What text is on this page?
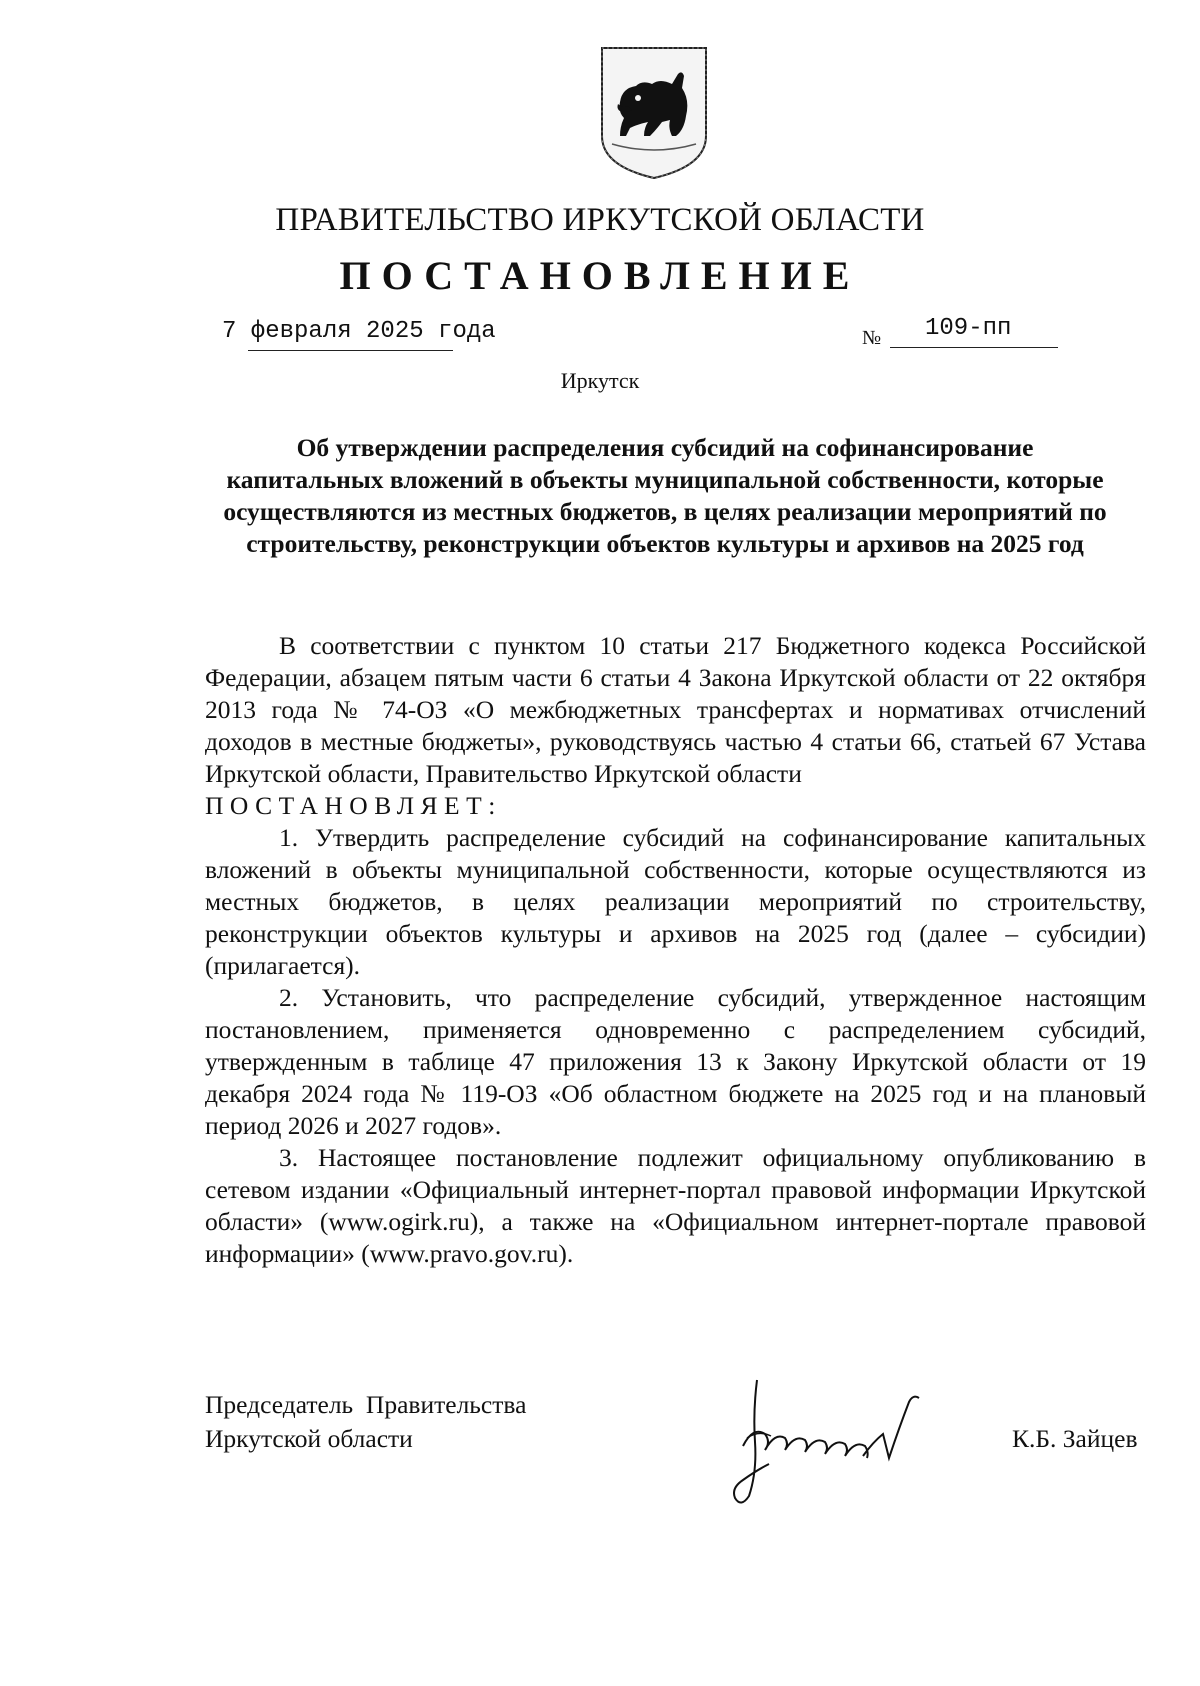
ПРАВИТЕЛЬСТВО ИРКУТСКОЙ ОБЛАСТИ
ПОСТАНОВЛЕНИЕ
7 февраля 2025 года	№ 109-пп
Иркутск
Об утверждении распределения субсидий на софинансирование капитальных вложений в объекты муниципальной собственности, которые осуществляются из местных бюджетов, в целях реализации мероприятий по строительству, реконструкции объектов культуры и архивов на 2025 год

В соответствии с пунктом 10 статьи 217 Бюджетного кодекса Российской Федерации, абзацем пятым части 6 статьи 4 Закона Иркутской области от 22 октября 2013 года № 74-ОЗ «О межбюджетных трансфертах и нормативах отчислений доходов в местные бюджеты», руководствуясь частью 4 статьи 66, статьей 67 Устава Иркутской области, Правительство Иркутской области

ПОСТАНОВЛЯЕТ:

1. Утвердить распределение субсидий на софинансирование капитальных вложений в объекты муниципальной собственности, которые осуществляются из местных бюджетов, в целях реализации мероприятий по строительству, реконструкции объектов культуры и архивов на 2025 год (далее – субсидии) (прилагается).

2. Установить, что распределение субсидий, утвержденное настоящим постановлением, применяется одновременно с распределением субсидий, утвержденным в таблице 47 приложения 13 к Закону Иркутской области от 19 декабря 2024 года № 119-ОЗ «Об областном бюджете на 2025 год и на плановый период 2026 и 2027 годов».

3. Настоящее постановление подлежит официальному опубликованию в сетевом издании «Официальный интернет-портал правовой информации Иркутской области» (www.ogirk.ru), а также на «Официальном интернет-портале правовой информации» (www.pravo.gov.ru).

Председатель  Правительства
Иркутской области	К.Б. Зайцев
